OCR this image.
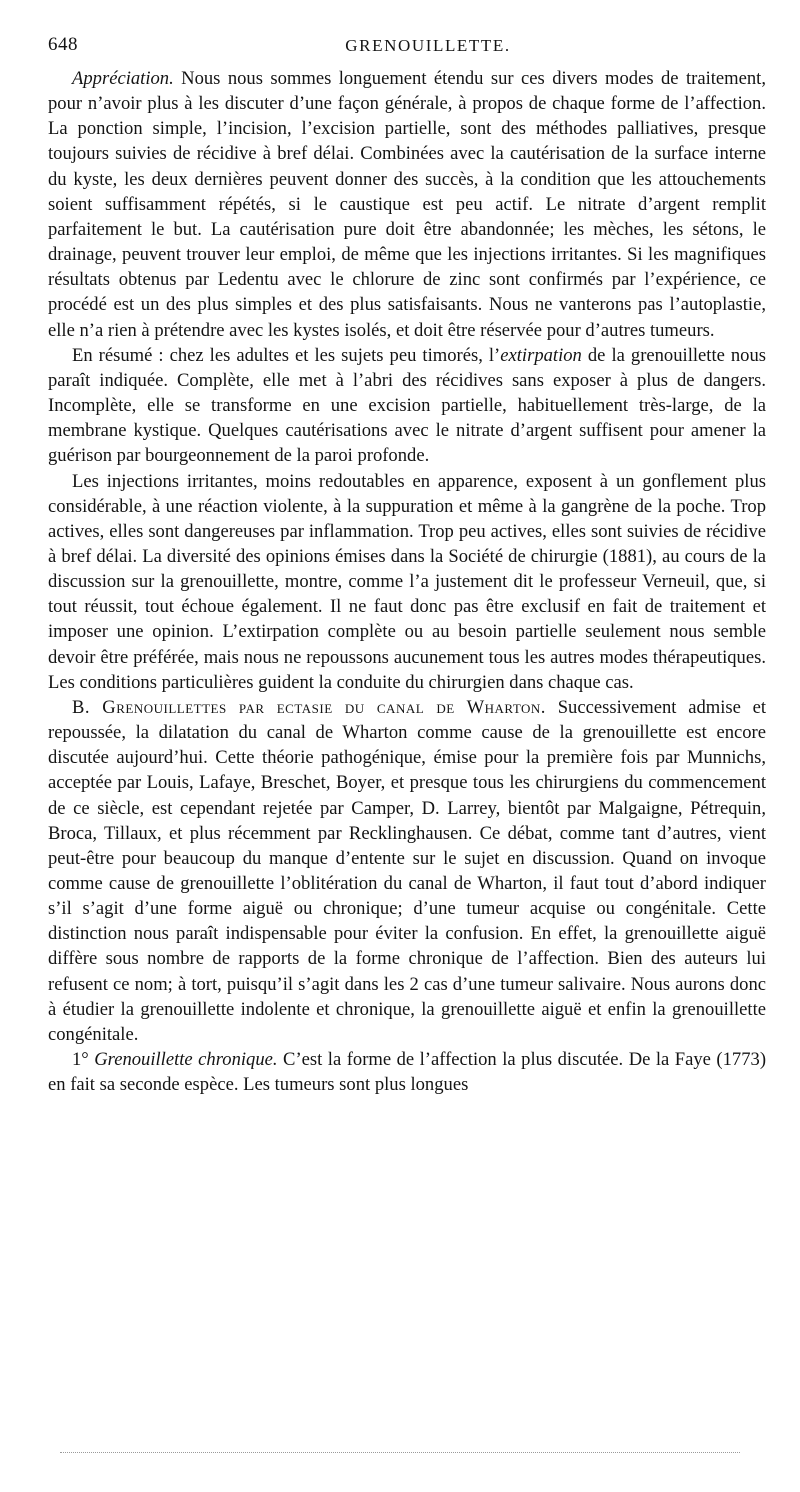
648	GRENOUILLETTE.

Appréciation. Nous nous sommes longuement étendu sur ces divers modes de traitement, pour n’avoir plus à les discuter d’une façon générale, à propos de chaque forme de l’affection. La ponction simple, l’incision, l’excision partielle, sont des méthodes palliatives, presque toujours suivies de récidive à bref délai. Combinées avec la cautérisation de la surface interne du kyste, les deux dernières peuvent donner des succès, à la condition que les attouchements soient suffisamment répétés, si le caustique est peu actif. Le nitrate d’argent remplit parfaitement le but. La cautérisation pure doit être abandonnée; les mèches, les sétons, le drainage, peuvent trouver leur emploi, de même que les injections irritantes. Si les magnifiques résultats obtenus par Ledentu avec le chlorure de zinc sont confirmés par l’expérience, ce procédé est un des plus simples et des plus satisfaisants. Nous ne vanterons pas l’autoplastie, elle n’a rien à prétendre avec les kystes isolés, et doit être réservée pour d’autres tumeurs.

En résumé : chez les adultes et les sujets peu timorés, l’extirpation de la grenouillette nous paraît indiquée. Complète, elle met à l’abri des récidives sans exposer à plus de dangers. Incomplète, elle se transforme en une excision partielle, habituellement très-large, de la membrane kystique. Quelques cautérisations avec le nitrate d’argent suffisent pour amener la guérison par bourgeonnement de la paroi profonde.

Les injections irritantes, moins redoutables en apparence, exposent à un gonflement plus considérable, à une réaction violente, à la suppuration et même à la gangrène de la poche. Trop actives, elles sont dangereuses par inflammation. Trop peu actives, elles sont suivies de récidive à bref délai. La diversité des opinions émises dans la Société de chirurgie (1881), au cours de la discussion sur la grenouillette, montre, comme l’a justement dit le professeur Verneuil, que, si tout réussit, tout échoue également. Il ne faut donc pas être exclusif en fait de traitement et imposer une opinion. L’extirpation complète ou au besoin partielle seulement nous semble devoir être préférée, mais nous ne repoussons aucunement tous les autres modes thérapeutiques. Les conditions particulières guident la conduite du chirurgien dans chaque cas.

B. Grenouillettes par ectasie du canal de Wharton. Successivement admise et repoussée, la dilatation du canal de Wharton comme cause de la grenouillette est encore discutée aujourd’hui. Cette théorie pathogénique, émise pour la première fois par Munnichs, acceptée par Louis, Lafaye, Breschet, Boyer, et presque tous les chirurgiens du commencement de ce siècle, est cependant rejetée par Camper, D. Larrey, bientôt par Malgaigne, Pétrequin, Broca, Tillaux, et plus récemment par Recklinghausen. Ce débat, comme tant d’autres, vient peut-être pour beaucoup du manque d’entente sur le sujet en discussion. Quand on invoque comme cause de grenouillette l’oblitération du canal de Wharton, il faut tout d’abord indiquer s’il s’agit d’une forme aiguë ou chronique; d’une tumeur acquise ou congénitale. Cette distinction nous paraît indispensable pour éviter la confusion. En effet, la grenouillette aiguë diffère sous nombre de rapports de la forme chronique de l’affection. Bien des auteurs lui refusent ce nom; à tort, puisqu’il s’agit dans les 2 cas d’une tumeur salivaire. Nous aurons donc à étudier la grenouillette indolente et chronique, la grenouillette aiguë et enfin la grenouillette congénitale.

1° Grenouillette chronique. C’est la forme de l’affection la plus discutée. De la Faye (1773) en fait sa seconde espèce. Les tumeurs sont plus longues
